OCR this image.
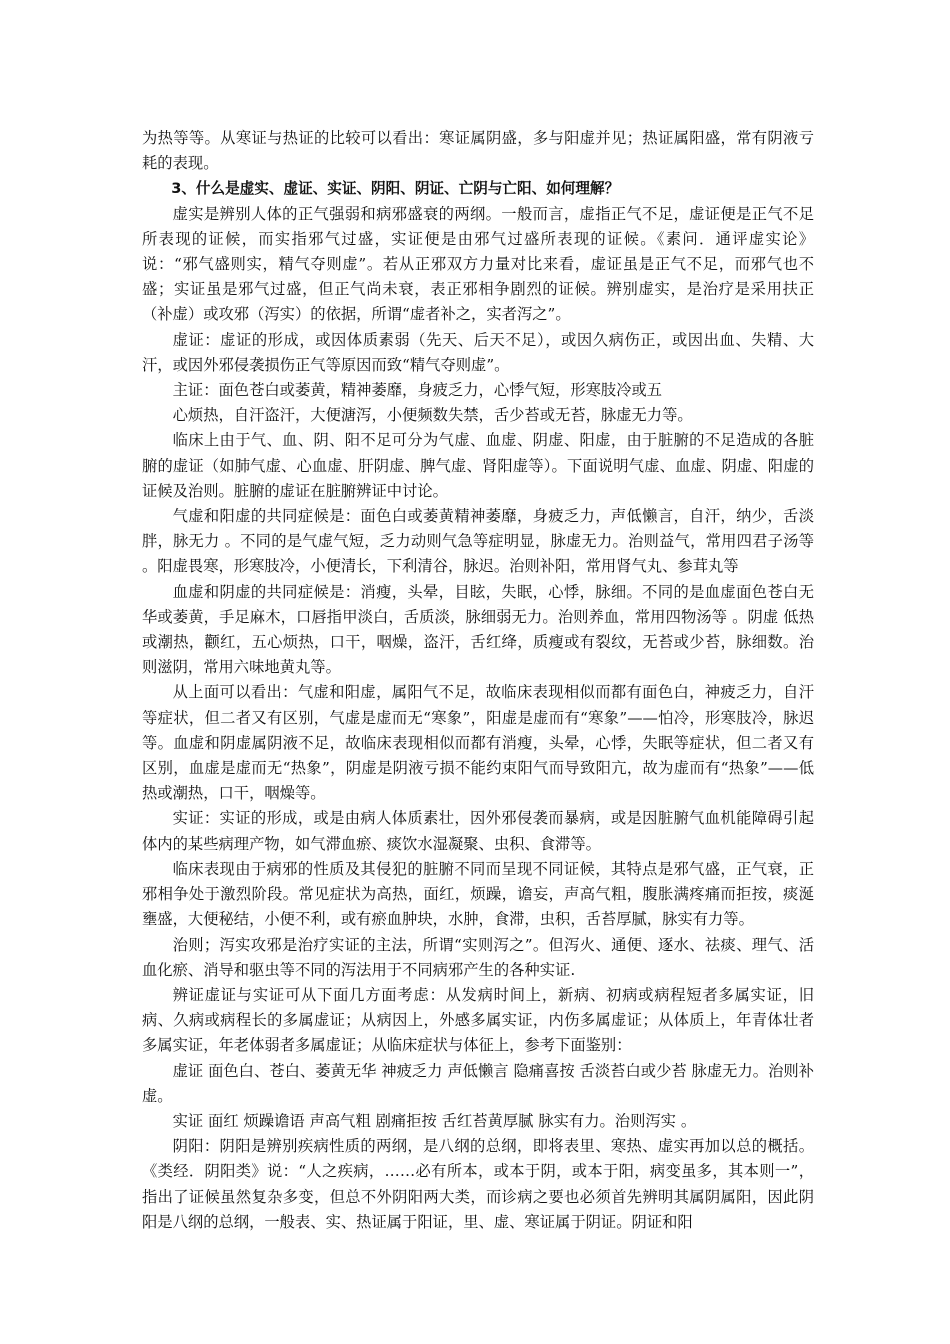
为热等等。从寒证与热证的比较可以看出：寒证属阴盛，多与阳虚并见；热证属阳盛，常有阴液亏耗的表现。

3、什么是虚实、虚证、实证、阴阳、阴证、亡阴与亡阳、如何理解？

虚实是辨别人体的正气强弱和病邪盛衰的两纲。一般而言，虚指正气不足，虚证便是正气不足所表现的证候，而实指邪气过盛，实证便是由邪气过盛所表现的证候。《素问．通评虚实论》说：“邪气盛则实，精气夺则虚”。若从正邪双方力量对比来看，虚证虽是正气不足，而邪气也不盛；实证虽是邪气过盛，但正气尚未衰，表正邪相争剧烈的证候。辨别虚实，是治疗是采用扶正（补虚）或攻邪（泻实）的依据，所谓“虚者补之，实者泻之”。

虚证：虚证的形成，或因体质素弱（先天、后天不足），或因久病伤正，或因出血、失精、大汗，或因外邪侵袭损伤正气等原因而致“精气夺则虚”。

主证：面色苍白或萎黄，精神萎靡，身疲乏力，心悸气短，形寒肢冷或五

心烦热，自汗盗汗，大便溏泻，小便频数失禁，舌少苔或无苔，脉虚无力等。

临床上由于气、血、阴、阳不足可分为气虚、血虚、阴虚、阳虚，由于脏腑的不足造成的各脏腑的虚证（如肺气虚、心血虚、肝阴虚、脾气虚、肾阳虚等）。下面说明气虚、血虚、阴虚、阳虚的证候及治则。脏腑的虚证在脏腑辨证中讨论。

气虚和阳虚的共同症候是：面色白或萎黄精神萎靡，身疲乏力，声低懒言，自汗，纳少，舌淡胖，脉无力 。不同的是气虚气短，乏力动则气急等症明显，脉虚无力。治则益气，常用四君子汤等 。阳虚畏寒，形寒肢冷，小便清长，下利清谷，脉迟。治则补阳，常用肾气丸、参茸丸等

血虚和阴虚的共同症候是：消瘦，头晕，目眩，失眠，心悸，脉细。不同的是血虚面色苍白无华或萎黄，手足麻木，口唇指甲淡白，舌质淡，脉细弱无力。治则养血，常用四物汤等 。阴虚 低热或潮热，颧红，五心烦热，口干，咽燥，盗汗，舌红绛，质瘦或有裂纹，无苔或少苔，脉细数。治则滋阴，常用六味地黄丸等。

从上面可以看出：气虚和阳虚，属阳气不足，故临床表现相似而都有面色白，神疲乏力，自汗等症状，但二者又有区别，气虚是虚而无“寒象”，阳虚是虚而有“寒象”——怕冷，形寒肢冷，脉迟等。血虚和阴虚属阴液不足，故临床表现相似而都有消瘦，头晕，心悸，失眠等症状，但二者又有区别，血虚是虚而无“热象”，阴虚是阴液亏损不能约束阳气而导致阳亢，故为虚而有“热象”——低热或潮热，口干，咽燥等。

实证：实证的形成，或是由病人体质素壮，因外邪侵袭而暴病，或是因脏腑气血机能障碍引起体内的某些病理产物，如气滞血瘀、痰饮水湿凝聚、虫积、食滞等。

临床表现由于病邪的性质及其侵犯的脏腑不同而呈现不同证候，其特点是邪气盛，正气衰，正邪相争处于激烈阶段。常见症状为高热，面红，烦躁，谵妄，声高气粗，腹胀满疼痛而拒按，痰涎壅盛，大便秘结，小便不利，或有瘀血肿块，水肿，食滞，虫积，舌苔厚腻，脉实有力等。

治则；泻实攻邪是治疗实证的主法，所谓“实则泻之”。但泻火、通便、逐水、祛痰、理气、活血化瘀、消导和驱虫等不同的泻法用于不同病邪产生的各种实证.

辨证虚证与实证可从下面几方面考虑：从发病时间上，新病、初病或病程短者多属实证，旧病、久病或病程长的多属虚证；从病因上，外感多属实证，内伤多属虚证；从体质上，年青体壮者多属实证，年老体弱者多属虚证；从临床症状与体征上，参考下面鉴别：

虚证 面色白、苍白、萎黄无华 神疲乏力 声低懒言 隐痛喜按 舌淡苔白或少苔 脉虚无力。治则补虚。

实证 面红 烦躁谵语 声高气粗 剧痛拒按 舌红苔黄厚腻 脉实有力。治则泻实 。

阴阳：阴阳是辨别疾病性质的两纲，是八纲的总纲，即将表里、寒热、虚实再加以总的概括。《类经．阴阳类》说：“人之疾病，……必有所本，或本于阴，或本于阳，病变虽多，其本则一”，指出了证候虽然复杂多变，但总不外阴阳两大类，而诊病之要也必须首先辨明其属阴属阳，因此阴阳是八纲的总纲，一般表、实、热证属于阳证，里、虚、寒证属于阴证。阴证和阳
